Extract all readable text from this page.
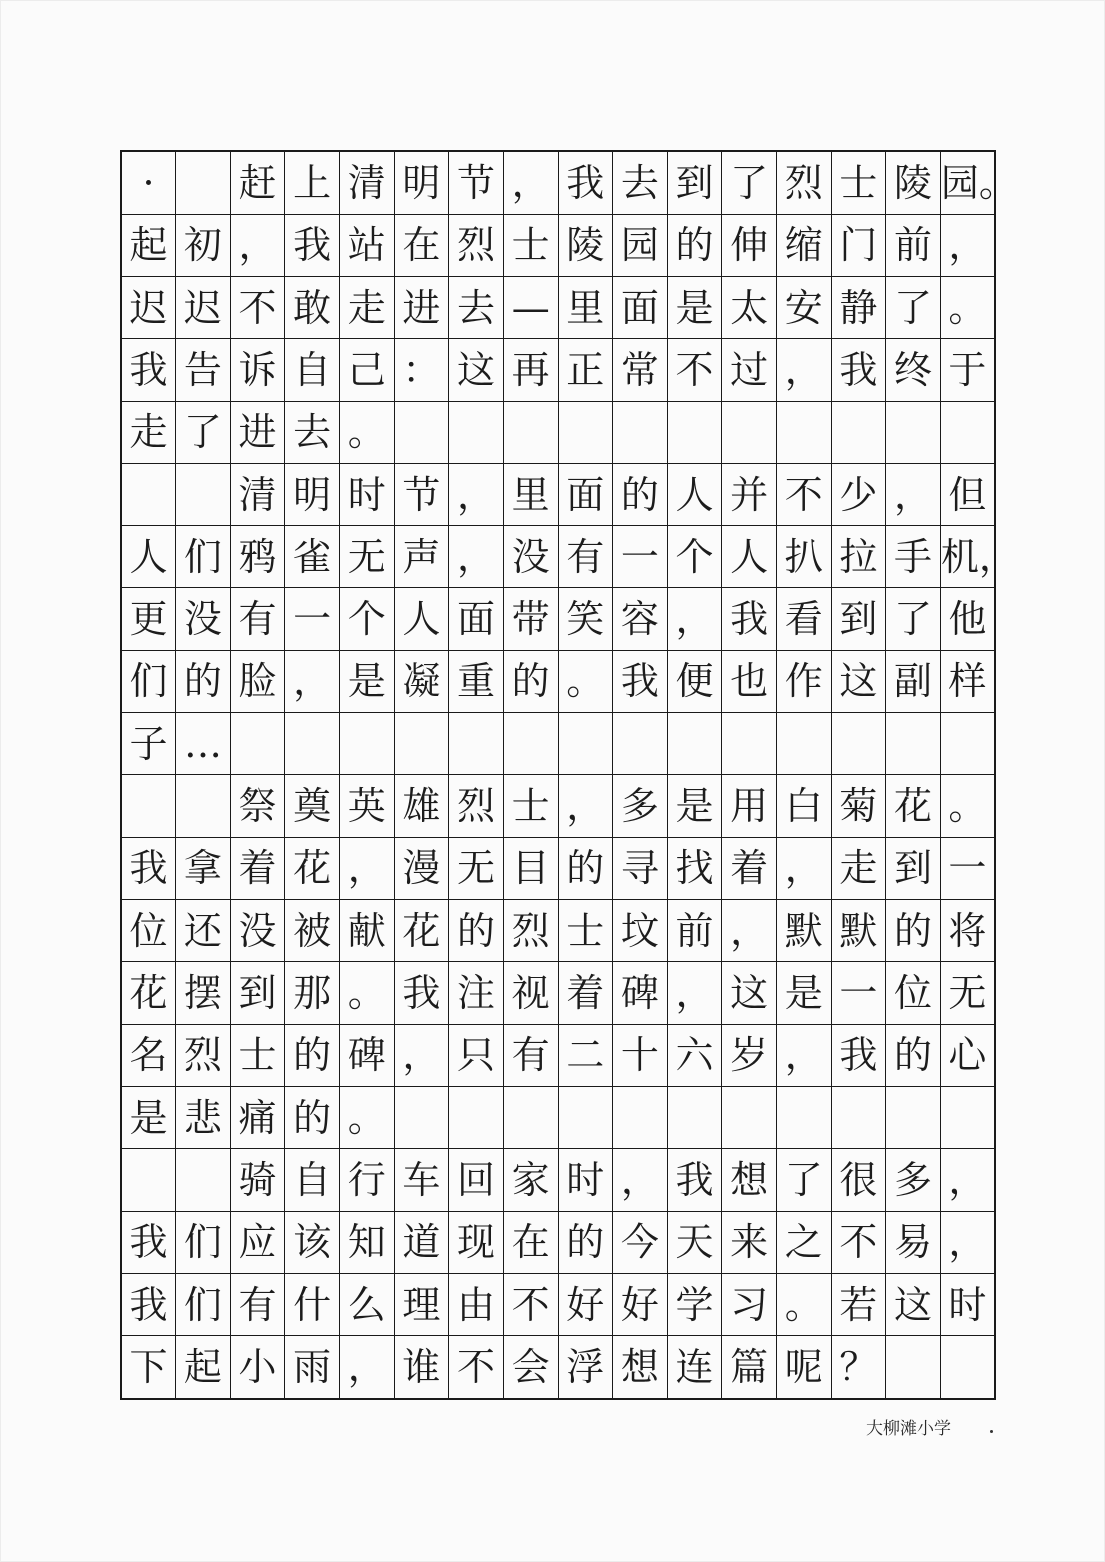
·		赶	上	清	明	节	，	我	去	到	了	烈	士	陵	园。
起	初	，	我	站	在	烈	士	陵	园	的	伸	缩	门	前	，
迟	迟	不	敢	走	进	去	—	里	面	是	太	安	静	了	。
我	告	诉	自	己	：	这	再	正	常	不	过	，	我	终	于
走	了	进	去	。											
		清	明	时	节	，	里	面	的	人	并	不	少	，	但
人	们	鸦	雀	无	声	，	没	有	一	个	人	扒	拉	手	机，
更	没	有	一	个	人	面	带	笑	容	，	我	看	到	了	他
们	的	脸	，	是	凝	重	的	。	我	便	也	作	这	副	样
子	…														
		祭	奠	英	雄	烈	士	，	多	是	用	白	菊	花	。
我	拿	着	花	，	漫	无	目	的	寻	找	着	，	走	到	一
位	还	没	被	献	花	的	烈	士	坟	前	，	默	默	的	将
花	摆	到	那	。	我	注	视	着	碑	，	这	是	一	位	无
名	烈	士	的	碑	，	只	有	二	十	六	岁	，	我	的	心
是	悲	痛	的	。											
		骑	自	行	车	回	家	时	，	我	想	了	很	多	，
我	们	应	该	知	道	现	在	的	今	天	来	之	不	易	，
我	们	有	什	么	理	由	不	好	好	学	习	。	若	这	时
下	起	小	雨	，	谁	不	会	浮	想	连	篇	呢	？		
大柳滩小学
